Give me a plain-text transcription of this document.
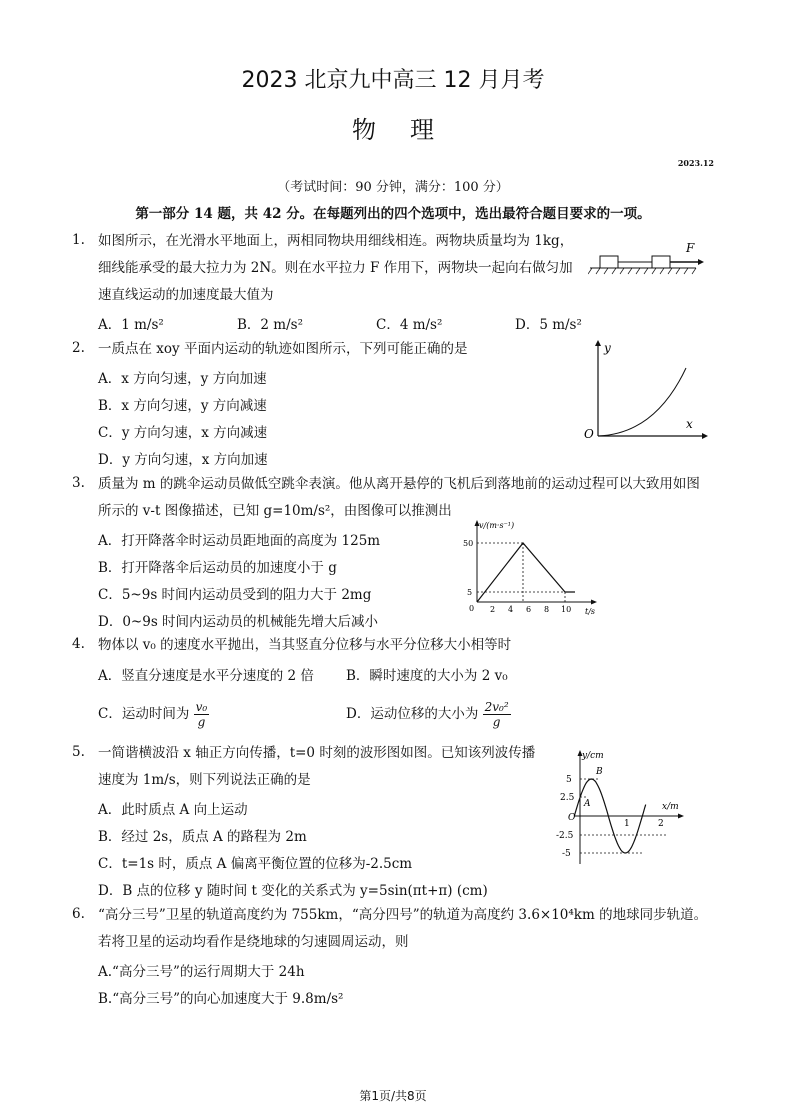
2023 北京九中高三 12 月月考
物理
2023.12
（考试时间：90 分钟，满分：100 分）
第一部分 14 题，共 42 分。在每题列出的四个选项中，选出最符合题目要求的一项。
1. 如图所示，在光滑水平地面上，两相同物块用细线相连。两物块质量均为 1kg，
细线能承受的最大拉力为 2N。则在水平拉力 F 作用下，两物块一起向右做匀加
速直线运动的加速度最大值为
A．1 m/s²	B．2 m/s²	C．4 m/s²	D．5 m/s²
F
2. 一质点在 xoy 平面内运动的轨迹如图所示，下列可能正确的是
A．x 方向匀速，y 方向加速
B．x 方向匀速，y 方向减速
C．y 方向匀速，x 方向减速
D．y 方向匀速，x 方向加速
y
x
O
3. 质量为 m 的跳伞运动员做低空跳伞表演。他从离开悬停的飞机后到落地前的运动过程可以大致用如图
所示的 v-t 图像描述，已知 g=10m/s²，由图像可以推测出
A．打开降落伞时运动员距地面的高度为 125m
B．打开降落伞后运动员的加速度小于 g
C．5~9s 时间内运动员受到的阻力大于 2mg
D．0~9s 时间内运动员的机械能先增大后减小
v/(m·s⁻¹)
t/s
0
50
5
2 4 6 8 10
4. 物体以 v₀ 的速度水平抛出，当其竖直分位移与水平分位移大小相等时
A．竖直分速度是水平分速度的 2 倍 B．瞬时速度的大小为 2 v₀
C．运动时间为 $\frac{\text{v₀}}{g}$	D．运动位移的大小为 $\frac{\text{2v₀²}}{g}$
5. 一简谐横波沿 x 轴正方向传播，t=0 时刻的波形图如图。已知该列波传播
速度为 1m/s，则下列说法正确的是
A．此时质点 A 向上运动
B．经过 2s，质点 A 的路程为 2m
C．t=1s 时，质点 A 偏离平衡位置的位移为-2.5cm
D．B 点的位移 y 随时间 t 变化的关系式为 y=5sin(πt+π) (cm)
y/cm
x/m
O
5
2.5
-2.5
-5
1	2
A
B
6. “高分三号”卫星的轨道高度约为 755km，“高分四号”的轨道为高度约 3.6×10⁴km 的地球同步轨道。
若将卫星的运动均看作是绕地球的匀速圆周运动，则
A.“高分三号”的运行周期大于 24h
B.“高分三号”的向心加速度大于 9.8m/s²
第1页/共8页
